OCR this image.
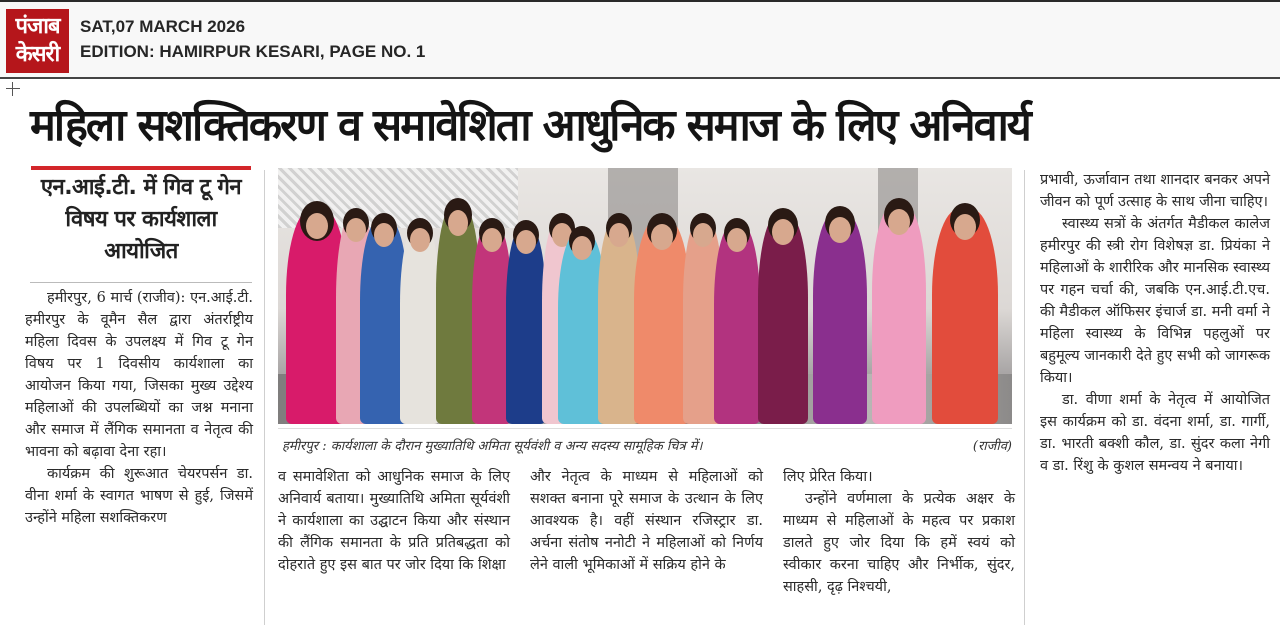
पंजाब
केसरी
SAT,07 MARCH 2026
EDITION: HAMIRPUR KESARI, PAGE NO. 1
महिला सशक्तिकरण व समावेशिता आधुनिक समाज के लिए अनिवार्य
एन.आई.टी. में गिव टू गेन विषय पर कार्यशाला आयोजित

हमीरपुर, 6 मार्च (राजीव): एन.आई.टी. हमीरपुर के वूमैन सैल द्वारा अंतर्राष्ट्रीय महिला दिवस के उपलक्ष्य में गिव टू गेन विषय पर 1 दिवसीय कार्यशाला का आयोजन किया गया, जिसका मुख्य उद्देश्य महिलाओं की उपलब्धियों का जश्न मनाना और समाज में लैंगिक समानता व नेतृत्व की भावना को बढ़ावा देना रहा।

कार्यक्रम की शुरूआत चेयरपर्सन डा. वीना शर्मा के स्वागत भाषण से हुई, जिसमें उन्होंने महिला सशक्तिकरण

हमीरपुर : कार्यशाला के दौरान मुख्यातिथि अमिता सूर्यवंशी व अन्य सदस्य सामूहिक चित्र में।	(राजीव)

व समावेशिता को आधुनिक समाज के लिए अनिवार्य बताया। मुख्यातिथि अमिता सूर्यवंशी ने कार्यशाला का उद्घाटन किया और संस्थान की लैंगिक समानता के प्रति प्रतिबद्धता को दोहराते हुए इस बात पर जोर दिया कि शिक्षा

और नेतृत्व के माध्यम से महिलाओं को सशक्त बनाना पूरे समाज के उत्थान के लिए आवश्यक है। वहीं संस्थान रजिस्ट्रार डा. अर्चना संतोष ननोटी ने महिलाओं को निर्णय लेने वाली भूमिकाओं में सक्रिय होने के

लिए प्रेरित किया।

उन्होंने वर्णमाला के प्रत्येक अक्षर के माध्यम से महिलाओं के महत्व पर प्रकाश डालते हुए जोर दिया कि हमें स्वयं को स्वीकार करना चाहिए और निर्भीक, सुंदर, साहसी, दृढ़ निश्चयी,

प्रभावी, ऊर्जावान तथा शानदार बनकर अपने जीवन को पूर्ण उत्साह के साथ जीना चाहिए।

स्वास्थ्य सत्रों के अंतर्गत मैडीकल कालेज हमीरपुर की स्त्री रोग विशेषज्ञ डा. प्रियंका ने महिलाओं के शारीरिक और मानसिक स्वास्थ्य पर गहन चर्चा की, जबकि एन.आई.टी.एच. की मैडीकल ऑफिसर इंचार्ज डा. मनी वर्मा ने महिला स्वास्थ्य के विभिन्न पहलुओं पर बहुमूल्य जानकारी देते हुए सभी को जागरूक किया।

डा. वीणा शर्मा के नेतृत्व में आयोजित इस कार्यक्रम को डा. वंदना शर्मा, डा. गार्गी, डा. भारती बक्शी कौल, डा. सुंदर कला नेगी व डा. रिंशु के कुशल समन्वय ने बनाया।
